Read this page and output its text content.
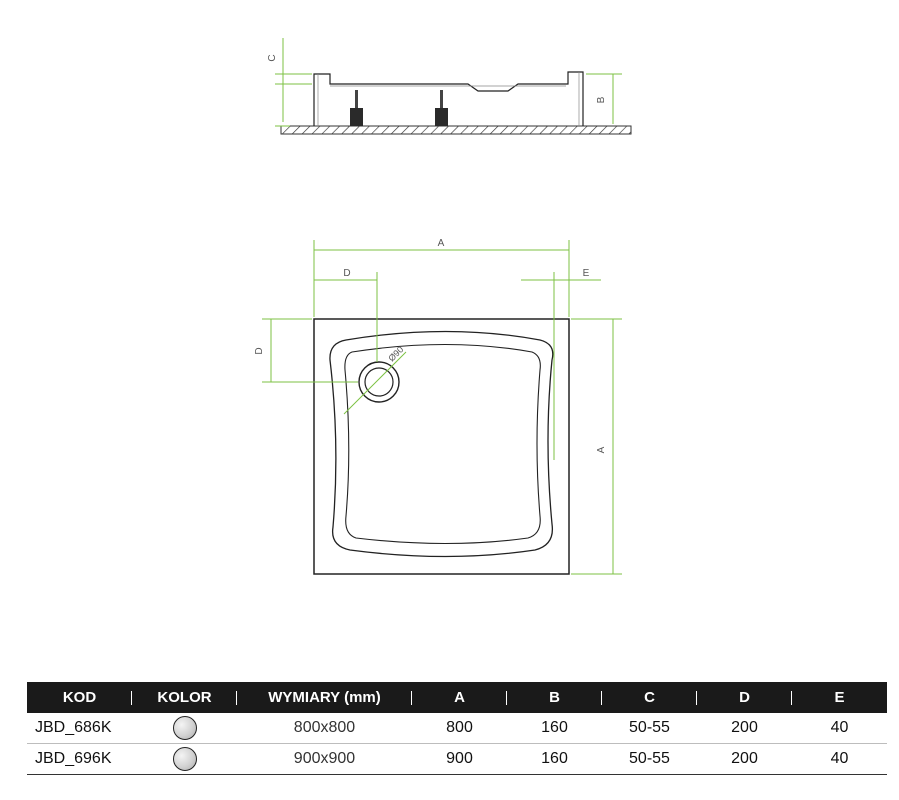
C
B
Ø90
A
D	E
D
A
KOD	KOLOR	WYMIARY (mm)	A	B	C	D	E
JBD_686K		800x800	800	160	50-55	200	40
JBD_696K		900x900	900	160	50-55	200	40
